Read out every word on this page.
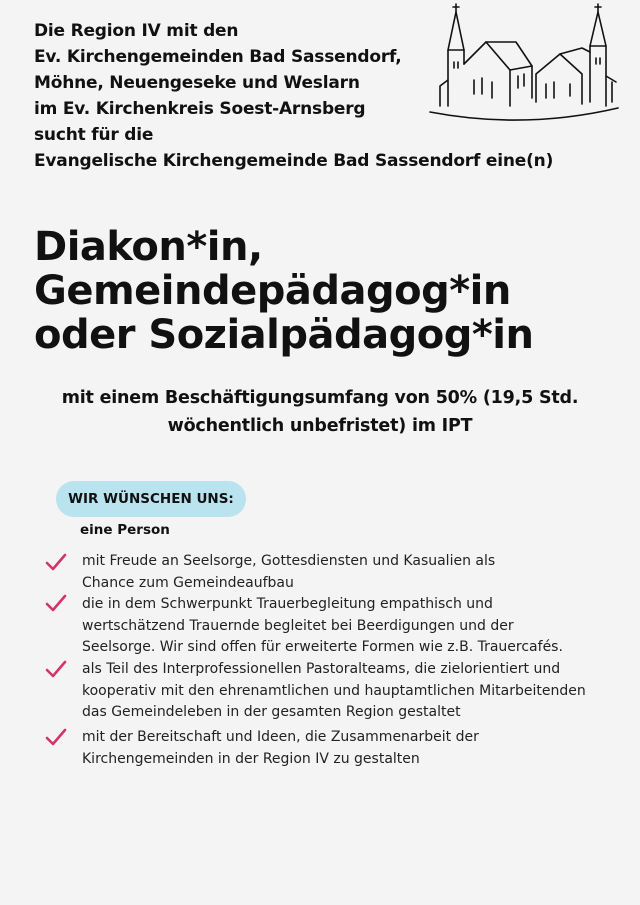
Die Region IV mit den
Ev. Kirchengemeinden Bad Sassendorf,
Möhne, Neuengeseke und Weslarn
im Ev. Kirchenkreis Soest-Arnsberg
sucht für die
Evangelische Kirchengemeinde Bad Sassendorf eine(n)
Diakon*in,
Gemeindepädagog*in
oder Sozialpädagog*in
mit einem Beschäftigungsumfang von 50% (19,5 Std.
wöchentlich unbefristet) im IPT
WIR WÜNSCHEN UNS:
eine Person
mit Freude an Seelsorge, Gottesdiensten und Kasualien als
Chance zum Gemeindeaufbau
die in dem Schwerpunkt Trauerbegleitung empathisch und
wertschätzend Trauernde begleitet bei Beerdigungen und der
Seelsorge. Wir sind offen für erweiterte Formen wie z.B. Trauercafés.
als Teil des Interprofessionellen Pastoralteams, die zielorientiert und
kooperativ mit den ehrenamtlichen und hauptamtlichen Mitarbeitenden
das Gemeindeleben in der gesamten Region gestaltet
mit der Bereitschaft und Ideen, die Zusammenarbeit der
Kirchengemeinden in der Region IV zu gestalten
